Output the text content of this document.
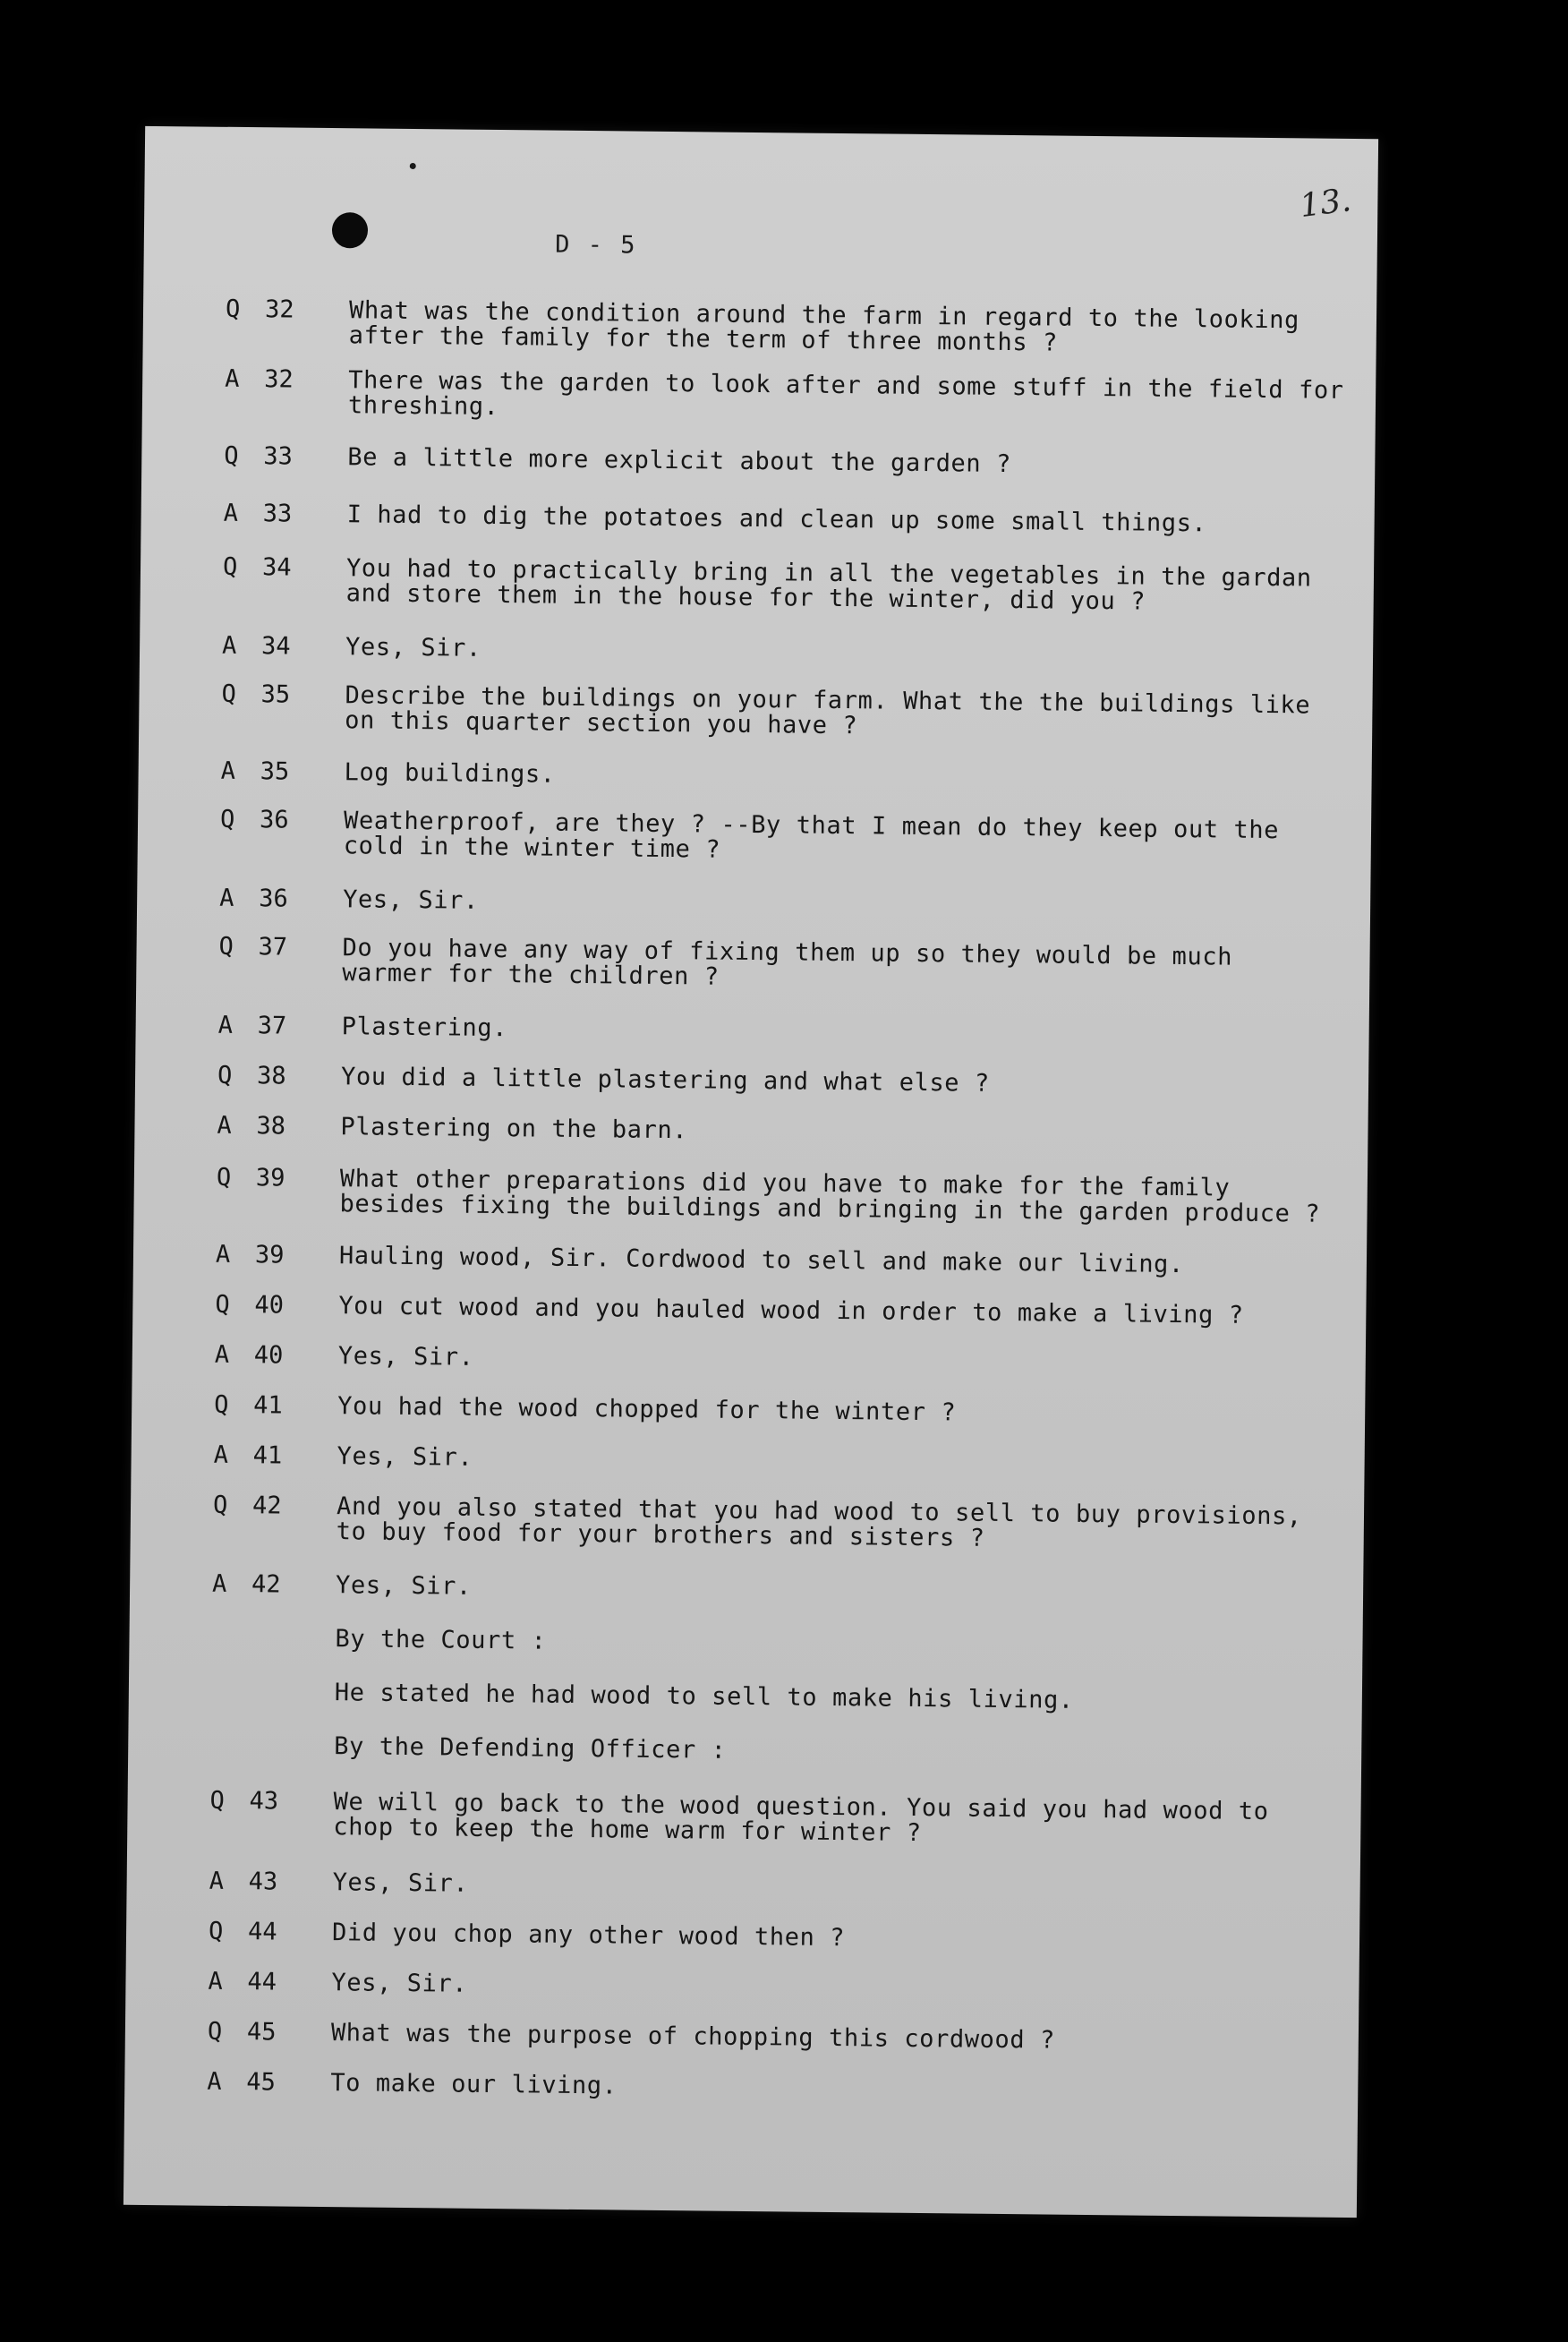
13.
D - 5
Q	32	What was the condition around the farm in regard to the looking
after the family for the term of three months ?
A	32	There was the garden to look after and some stuff in the field for
threshing.
Q	33	Be a little more explicit about the garden ?
A	33	I had to dig the potatoes and clean up some small things.
Q	34	You had to practically bring in all the vegetables in the gardan
and store them in the house for the winter, did you ?
A	34	Yes, Sir.
Q	35	Describe the buildings on your farm. What the the buildings like
on this quarter section you have ?
A	35	Log buildings.
Q	36	Weatherproof, are they ? --By that I mean do they keep out the
cold in the winter time ?
A	36	Yes, Sir.
Q	37	Do you have any way of fixing them up so they would be much
warmer for the children ?
A	37	Plastering.
Q	38	You did a little plastering and what else ?
A	38	Plastering on the barn.
Q	39	What other preparations did you have to make for the family
besides fixing the buildings and bringing in the garden produce ?
A	39	Hauling wood, Sir. Cordwood to sell and make our living.
Q	40	You cut wood and you hauled wood in order to make a living ?
A	40	Yes, Sir.
Q	41	You had the wood chopped for the winter ?
A	41	Yes, Sir.
Q	42	And you also stated that you had wood to sell to buy provisions,
to buy food for your brothers and sisters ?
A	42	Yes, Sir.
By the Court :
He stated he had wood to sell to make his living.
By the Defending Officer :
Q	43	We will go back to the wood question. You said you had wood to
chop to keep the home warm for winter ?
A	43	Yes, Sir.
Q	44	Did you chop any other wood then ?
A	44	Yes, Sir.
Q	45	What was the purpose of chopping this cordwood ?
A	45	To make our living.
